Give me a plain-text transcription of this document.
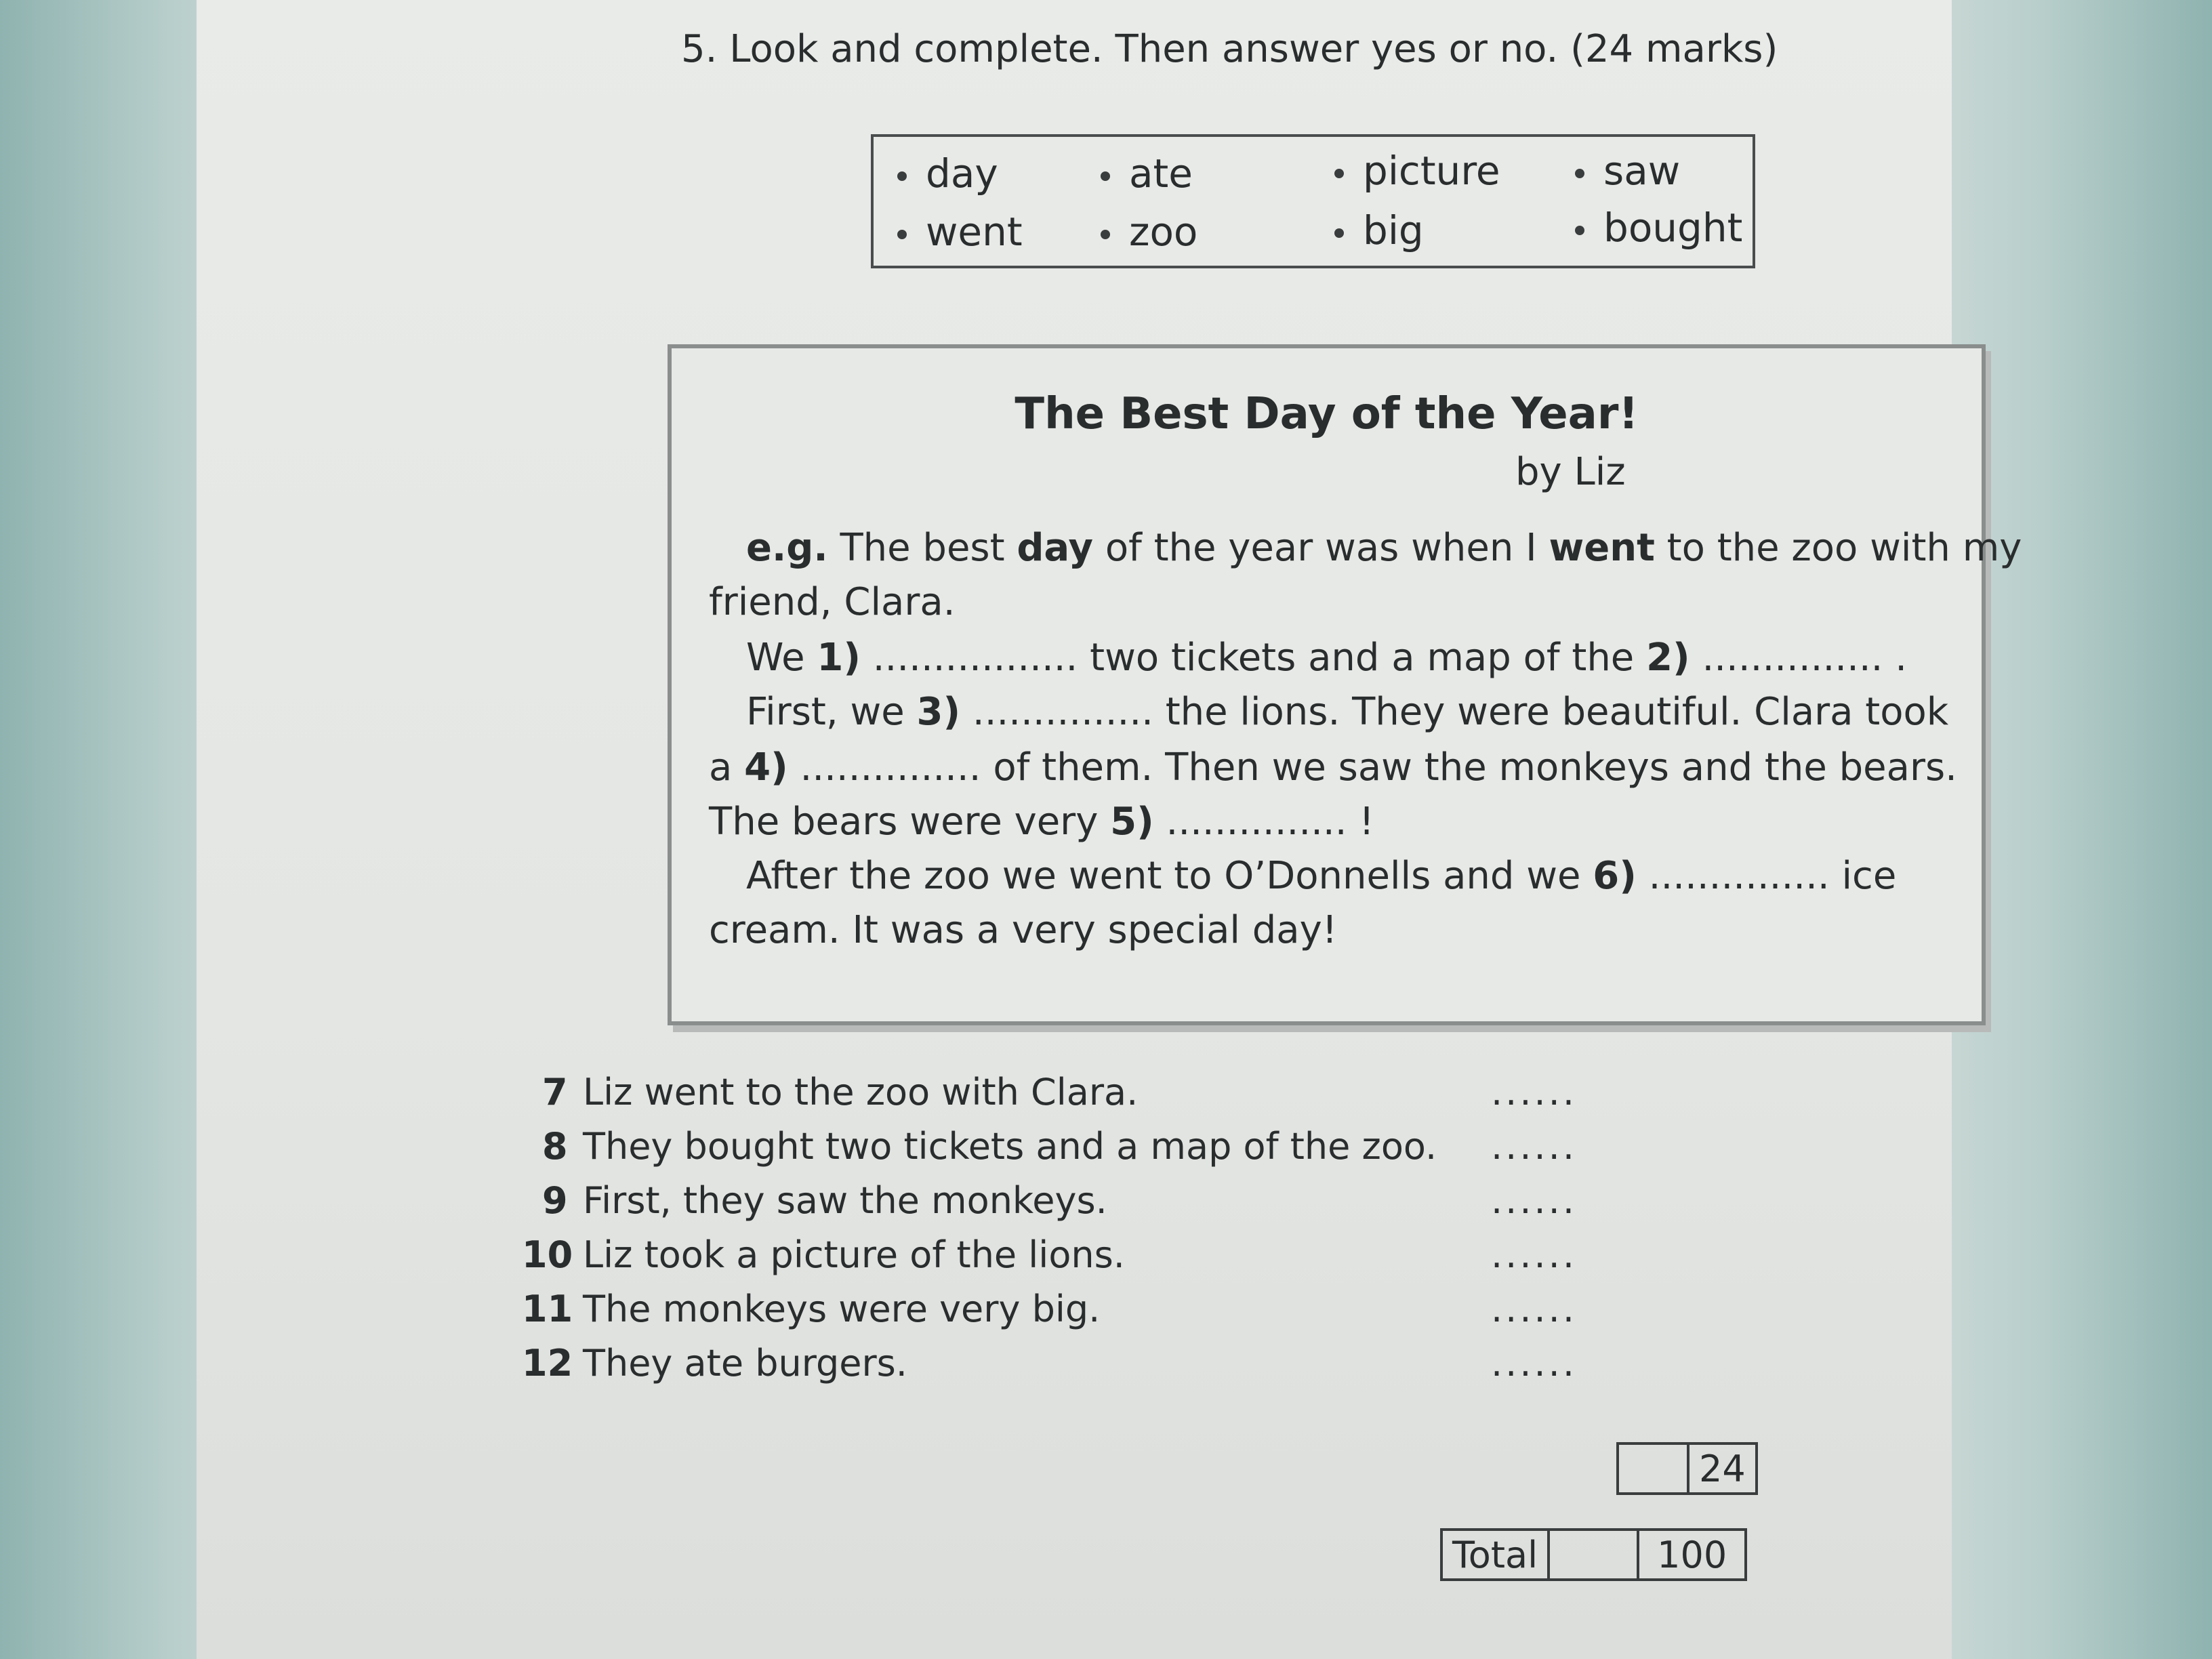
5. Look and complete. Then answer yes or no. (24 marks)
day	ate	picture	saw
went	zoo	big	bought
The Best Day of the Year!
by Liz
e.g. The best day of the year was when I went to the zoo with my
friend, Clara.
We 1) ................. two tickets and a map of the 2) ............... .
First, we 3) ............... the lions. They were beautiful. Clara took
a 4) ............... of them. Then we saw the monkeys and the bears.
The bears were very 5) ............... !
After the zoo we went to O’Donnells and we 6) ............... ice
cream. It was a very special day!
7 Liz went to the zoo with Clara.	......
8 They bought two tickets and a map of the zoo. ......
9 First, they saw the monkeys.	......
10 Liz took a picture of the lions.	......
11 The monkeys were very big.	......
12 They ate burgers.	......
	24
Total		100
